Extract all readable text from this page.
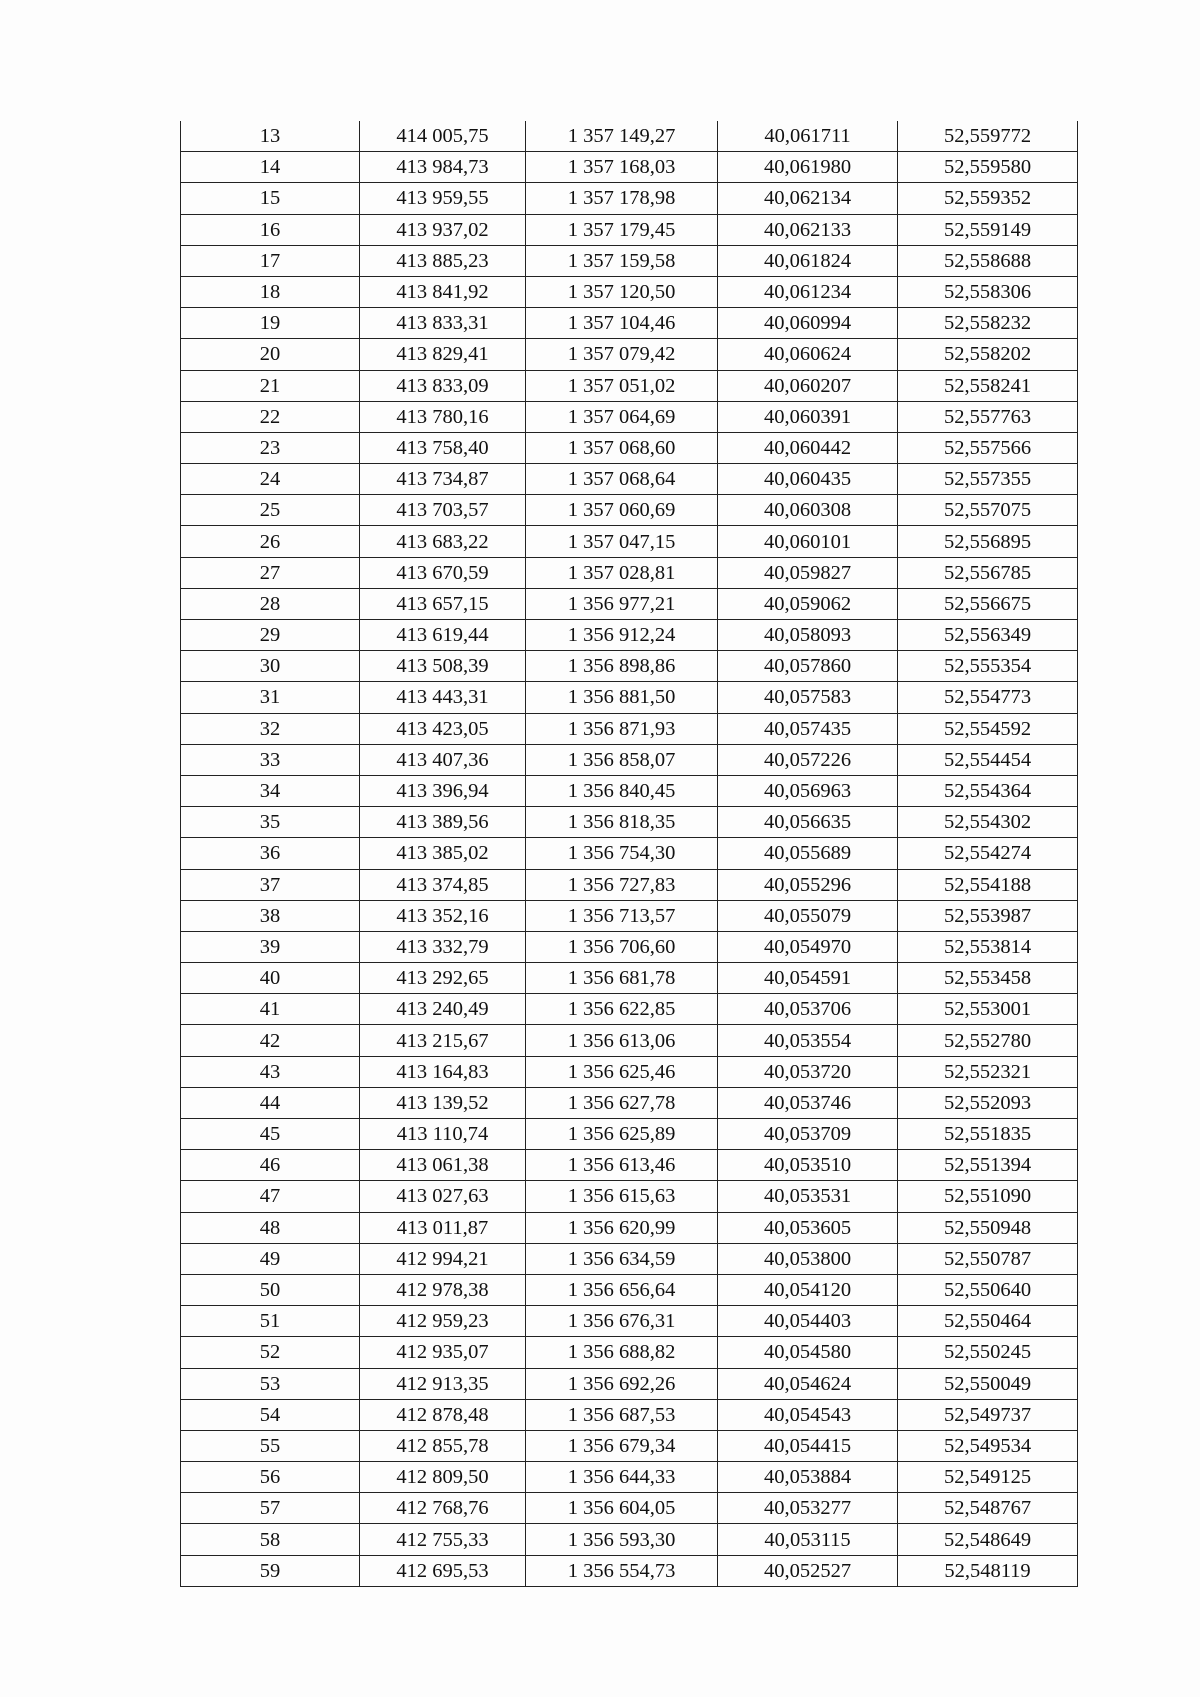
13	414 005,75	1 357 149,27	40,061711	52,559772
14	413 984,73	1 357 168,03	40,061980	52,559580
15	413 959,55	1 357 178,98	40,062134	52,559352
16	413 937,02	1 357 179,45	40,062133	52,559149
17	413 885,23	1 357 159,58	40,061824	52,558688
18	413 841,92	1 357 120,50	40,061234	52,558306
19	413 833,31	1 357 104,46	40,060994	52,558232
20	413 829,41	1 357 079,42	40,060624	52,558202
21	413 833,09	1 357 051,02	40,060207	52,558241
22	413 780,16	1 357 064,69	40,060391	52,557763
23	413 758,40	1 357 068,60	40,060442	52,557566
24	413 734,87	1 357 068,64	40,060435	52,557355
25	413 703,57	1 357 060,69	40,060308	52,557075
26	413 683,22	1 357 047,15	40,060101	52,556895
27	413 670,59	1 357 028,81	40,059827	52,556785
28	413 657,15	1 356 977,21	40,059062	52,556675
29	413 619,44	1 356 912,24	40,058093	52,556349
30	413 508,39	1 356 898,86	40,057860	52,555354
31	413 443,31	1 356 881,50	40,057583	52,554773
32	413 423,05	1 356 871,93	40,057435	52,554592
33	413 407,36	1 356 858,07	40,057226	52,554454
34	413 396,94	1 356 840,45	40,056963	52,554364
35	413 389,56	1 356 818,35	40,056635	52,554302
36	413 385,02	1 356 754,30	40,055689	52,554274
37	413 374,85	1 356 727,83	40,055296	52,554188
38	413 352,16	1 356 713,57	40,055079	52,553987
39	413 332,79	1 356 706,60	40,054970	52,553814
40	413 292,65	1 356 681,78	40,054591	52,553458
41	413 240,49	1 356 622,85	40,053706	52,553001
42	413 215,67	1 356 613,06	40,053554	52,552780
43	413 164,83	1 356 625,46	40,053720	52,552321
44	413 139,52	1 356 627,78	40,053746	52,552093
45	413 110,74	1 356 625,89	40,053709	52,551835
46	413 061,38	1 356 613,46	40,053510	52,551394
47	413 027,63	1 356 615,63	40,053531	52,551090
48	413 011,87	1 356 620,99	40,053605	52,550948
49	412 994,21	1 356 634,59	40,053800	52,550787
50	412 978,38	1 356 656,64	40,054120	52,550640
51	412 959,23	1 356 676,31	40,054403	52,550464
52	412 935,07	1 356 688,82	40,054580	52,550245
53	412 913,35	1 356 692,26	40,054624	52,550049
54	412 878,48	1 356 687,53	40,054543	52,549737
55	412 855,78	1 356 679,34	40,054415	52,549534
56	412 809,50	1 356 644,33	40,053884	52,549125
57	412 768,76	1 356 604,05	40,053277	52,548767
58	412 755,33	1 356 593,30	40,053115	52,548649
59	412 695,53	1 356 554,73	40,052527	52,548119
